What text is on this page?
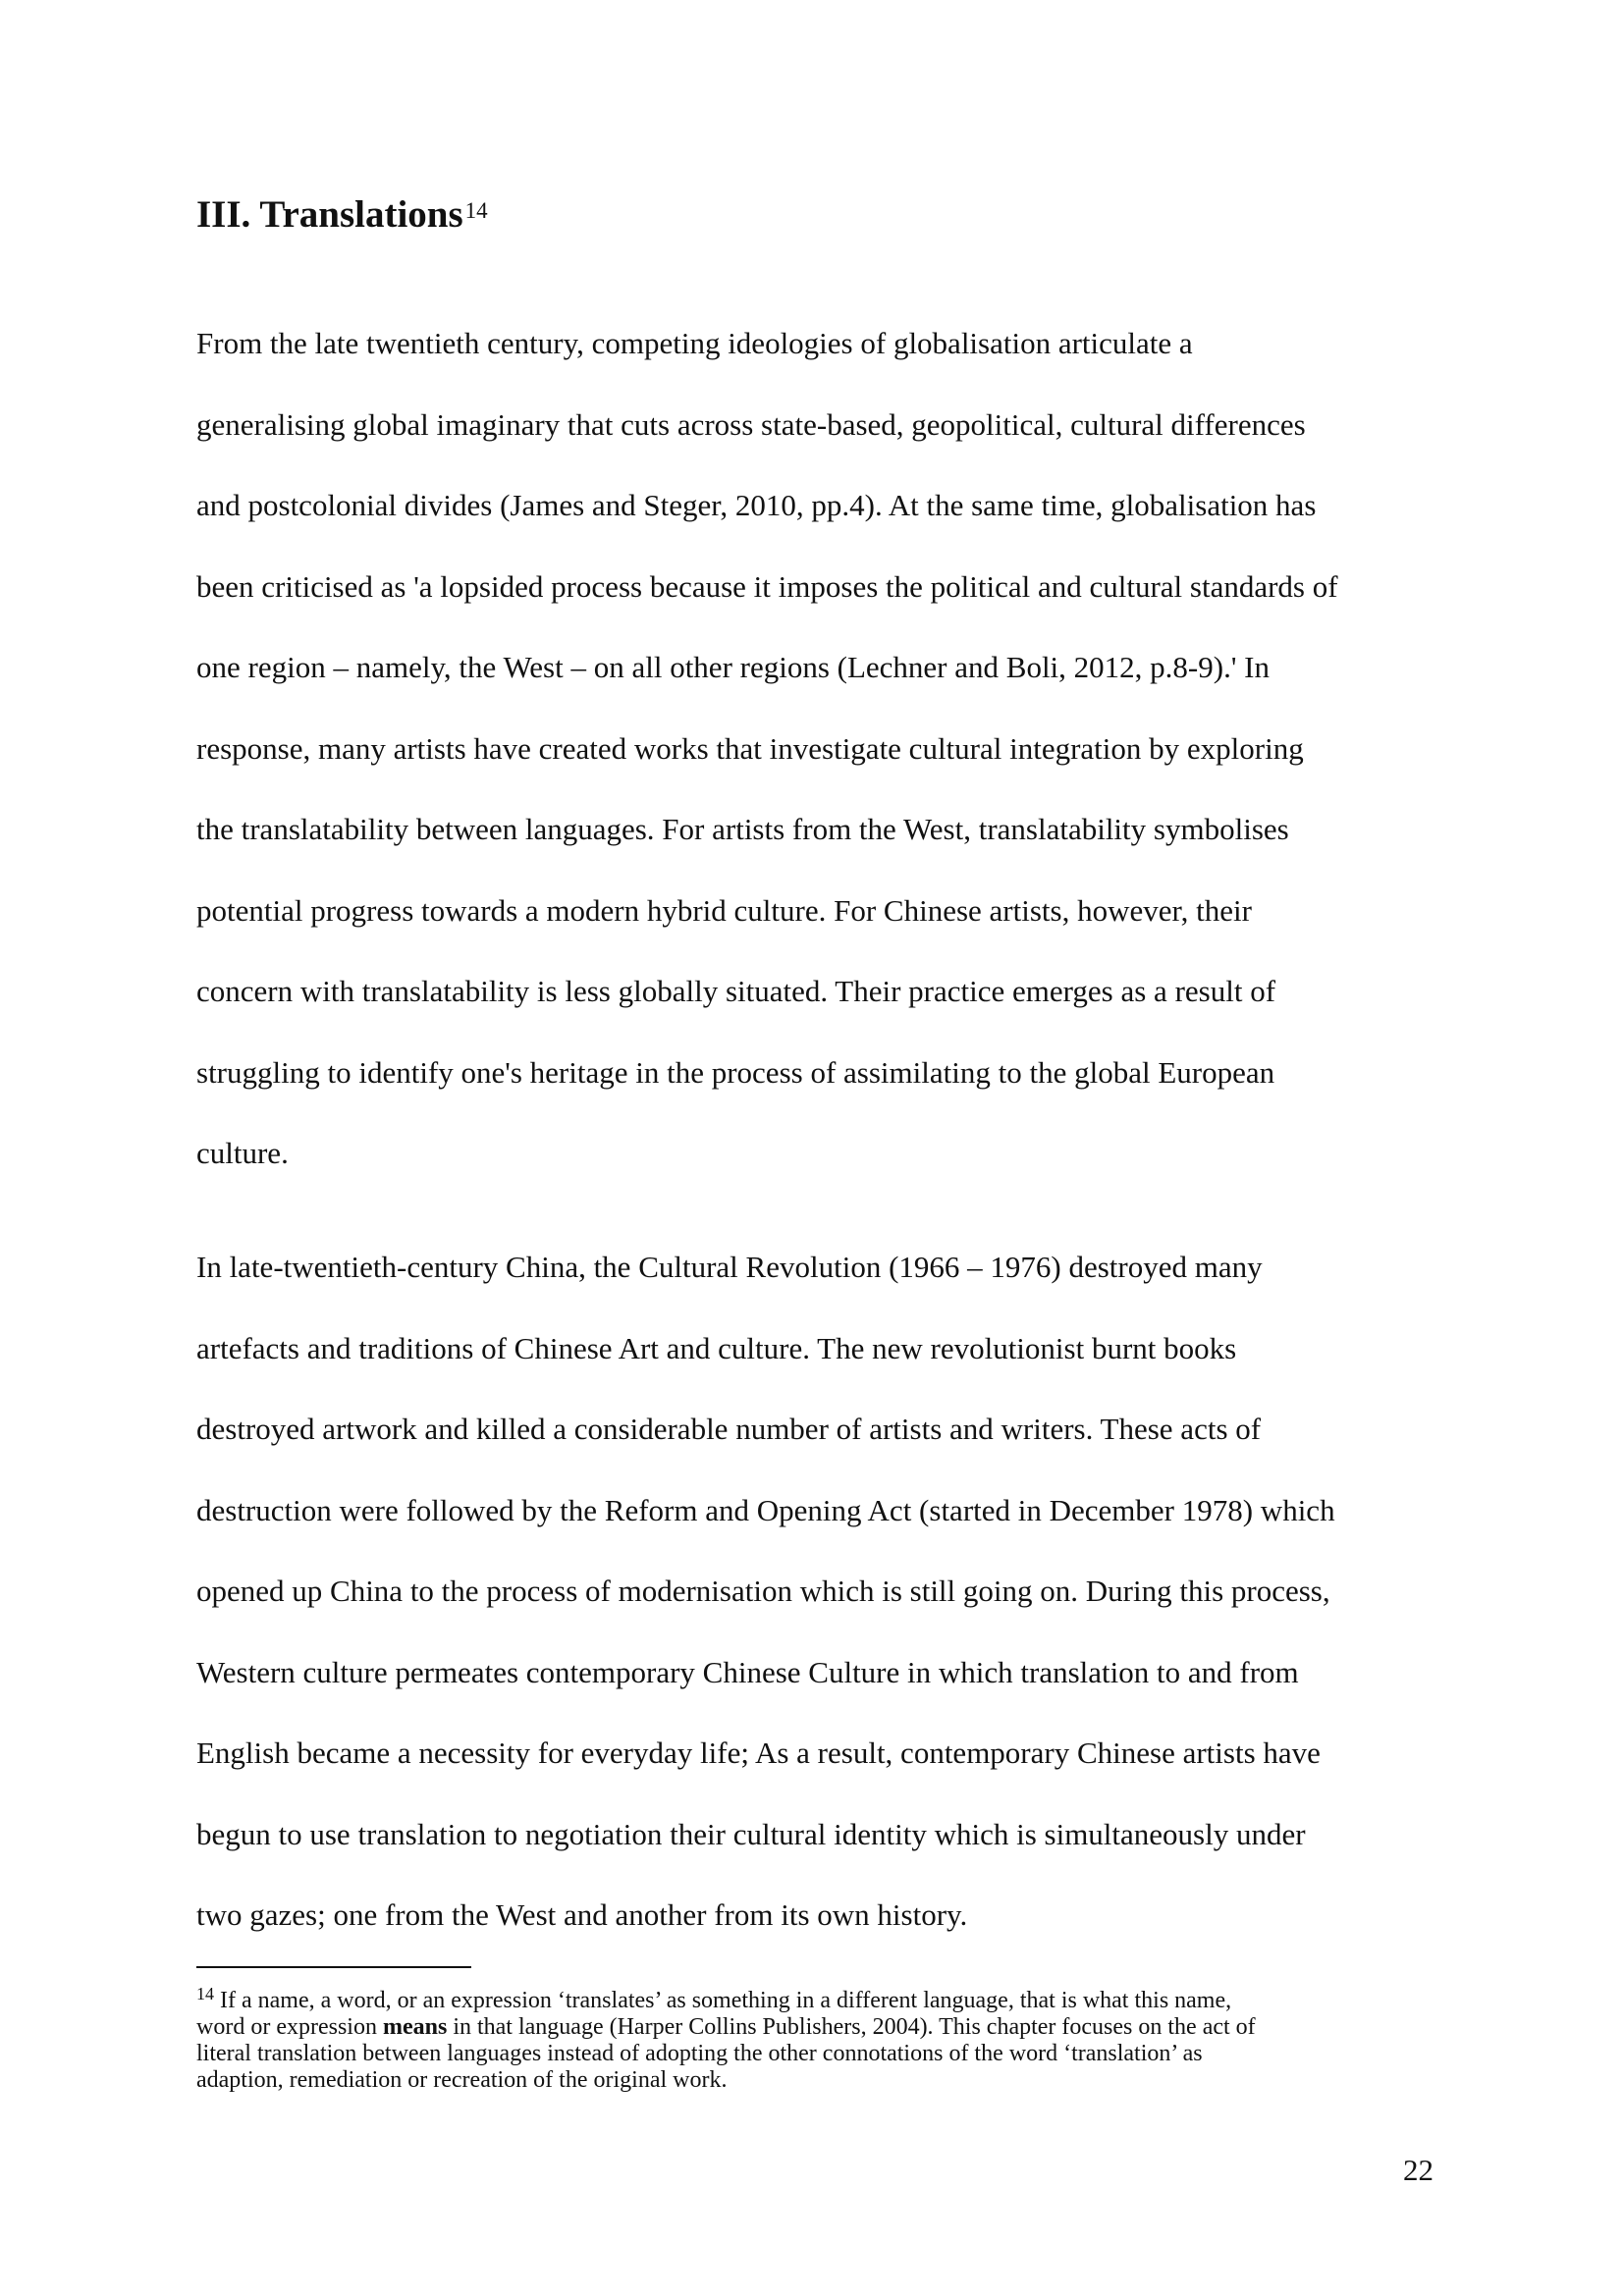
III. Translations$^{14}$

From the late twentieth century, competing ideologies of globalisation articulate a
generalising global imaginary that cuts across state-based, geopolitical, cultural differences
and postcolonial divides (James and Steger, 2010, pp.4). At the same time, globalisation has
been criticised as 'a lopsided process because it imposes the political and cultural standards of
one region – namely, the West – on all other regions (Lechner and Boli, 2012, p.8-9).' In
response, many artists have created works that investigate cultural integration by exploring
the translatability between languages. For artists from the West, translatability symbolises
potential progress towards a modern hybrid culture. For Chinese artists, however, their
concern with translatability is less globally situated. Their practice emerges as a result of
struggling to identify one's heritage in the process of assimilating to the global European
culture.

In late-twentieth-century China, the Cultural Revolution (1966 – 1976) destroyed many
artefacts and traditions of Chinese Art and culture. The new revolutionist burnt books
destroyed artwork and killed a considerable number of artists and writers. These acts of
destruction were followed by the Reform and Opening Act (started in December 1978) which
opened up China to the process of modernisation which is still going on. During this process,
Western culture permeates contemporary Chinese Culture in which translation to and from
English became a necessity for everyday life; As a result, contemporary Chinese artists have
begun to use translation to negotiation their cultural identity which is simultaneously under
two gazes; one from the West and another from its own history.

$^{14}$ If a name, a word, or an expression ‘translates’ as something in a different language, that is what this name,
word or expression means in that language (Harper Collins Publishers, 2004). This chapter focuses on the act of
literal translation between languages instead of adopting the other connotations of the word ‘translation’ as
adaption, remediation or recreation of the original work.

22
